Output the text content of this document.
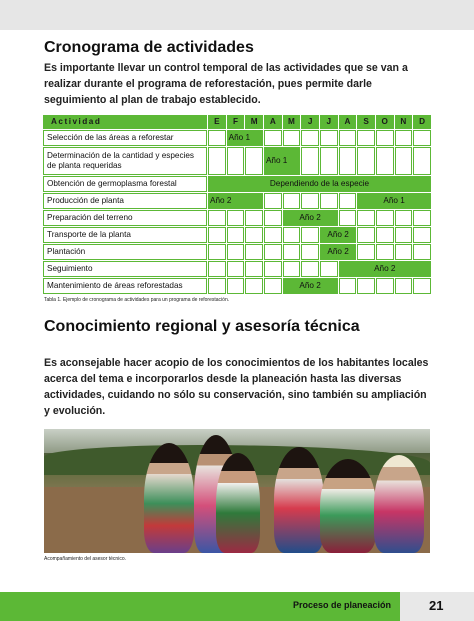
Cronograma de actividades

Es importante llevar un control temporal de las actividades que se van a realizar durante el programa de reforestación, pues permite darle seguimiento al plan de trabajo establecido.

Actividad	E	F	M	A	M	J	J	A	S	O	N	D
Selección de las áreas a reforestar		Año 1										
Determinación de la cantidad y especies de planta requeridas				Año 1								
Obtención de germoplasma forestal	Dependiendo de la especie											
Producción de planta	Año 2								Año 1			
Preparación del terreno					Año 2							
Transporte de la planta							Año 2					
Plantación							Año 2					
Seguimiento								Año 2				
Mantenimiento de áreas reforestadas					Año 2							
Tabla 1. Ejemplo de cronograma de actividades para un programa de reforestación.
Conocimiento regional y asesoría técnica

Es aconsejable hacer acopio de los conocimientos de los habitantes locales acerca del tema e incorporarlos desde la planeación hasta las diversas actividades, cuidando no sólo su conservación, sino también su ampliación y evolución.

Acompañamiento del asesor técnico.
Proceso de planeación	21
